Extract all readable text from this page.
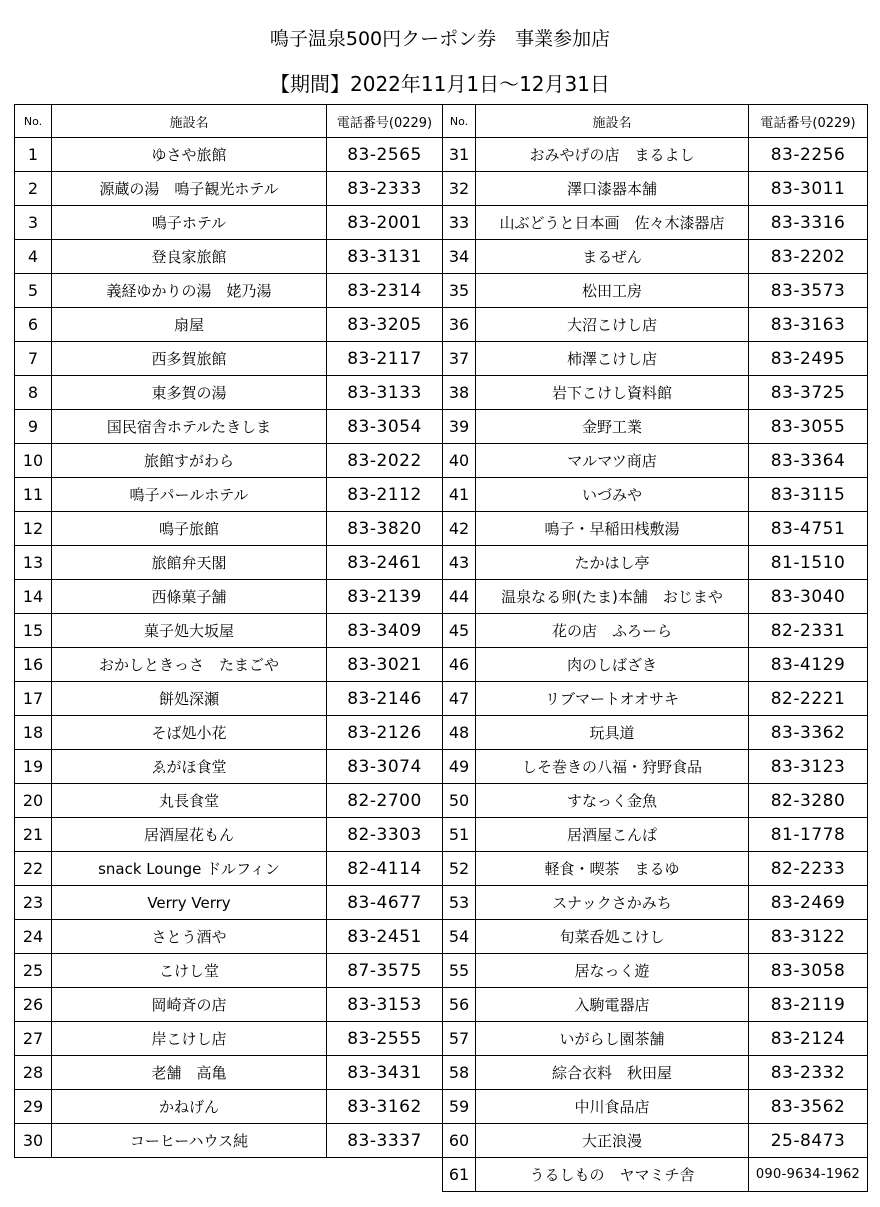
鳴子温泉500円クーポン券　事業参加店
【期間】2022年11月1日～12月31日
No.	施設名	電話番号(0229)
1	ゆさや旅館	83-2565
2	源蔵の湯　鳴子観光ホテル	83-2333
3	鳴子ホテル	83-2001
4	登良家旅館	83-3131
5	義経ゆかりの湯　姥乃湯	83-2314
6	扇屋	83-3205
7	西多賀旅館	83-2117
8	東多賀の湯	83-3133
9	国民宿舎ホテルたきしま	83-3054
10	旅館すがわら	83-2022
11	鳴子パールホテル	83-2112
12	鳴子旅館	83-3820
13	旅館弁天閣	83-2461
14	西條菓子舗	83-2139
15	菓子処大坂屋	83-3409
16	おかしときっさ　たまごや	83-3021
17	餅処深瀬	83-2146
18	そば処小花	83-2126
19	ゑがほ食堂	83-3074
20	丸長食堂	82-2700
21	居酒屋花もん	82-3303
22	snack Lounge ドルフィン	82-4114
23	Verry Verry	83-4677
24	さとう酒や	83-2451
25	こけし堂	87-3575
26	岡崎斉の店	83-3153
27	岸こけし店	83-2555
28	老舗　高亀	83-3431
29	かねげん	83-3162
30	コーヒーハウス純	83-3337
No.	施設名	電話番号(0229)
31	おみやげの店　まるよし	83-2256
32	澤口漆器本舗	83-3011
33	山ぶどうと日本画　佐々木漆器店	83-3316
34	まるぜん	83-2202
35	松田工房	83-3573
36	大沼こけし店	83-3163
37	柿澤こけし店	83-2495
38	岩下こけし資料館	83-3725
39	金野工業	83-3055
40	マルマツ商店	83-3364
41	いづみや	83-3115
42	鳴子・早稲田桟敷湯	83-4751
43	たかはし亭	81-1510
44	温泉なる卵(たま)本舗　おじまや	83-3040
45	花の店　ふろーら	82-2331
46	肉のしばざき	83-4129
47	リブマートオオサキ	82-2221
48	玩具道	83-3362
49	しそ巻きの八福・狩野食品	83-3123
50	すなっく金魚	82-3280
51	居酒屋こんぱ	81-1778
52	軽食・喫茶　まるゆ	82-2233
53	スナックさかみち	83-2469
54	旬菜呑処こけし	83-3122
55	居なっく遊	83-3058
56	入駒電器店	83-2119
57	いがらし園茶舗	83-2124
58	綜合衣料　秋田屋	83-2332
59	中川食品店	83-3562
60	大正浪漫	25-8473
61	うるしもの　ヤマミチ舎	090-9634-1962
